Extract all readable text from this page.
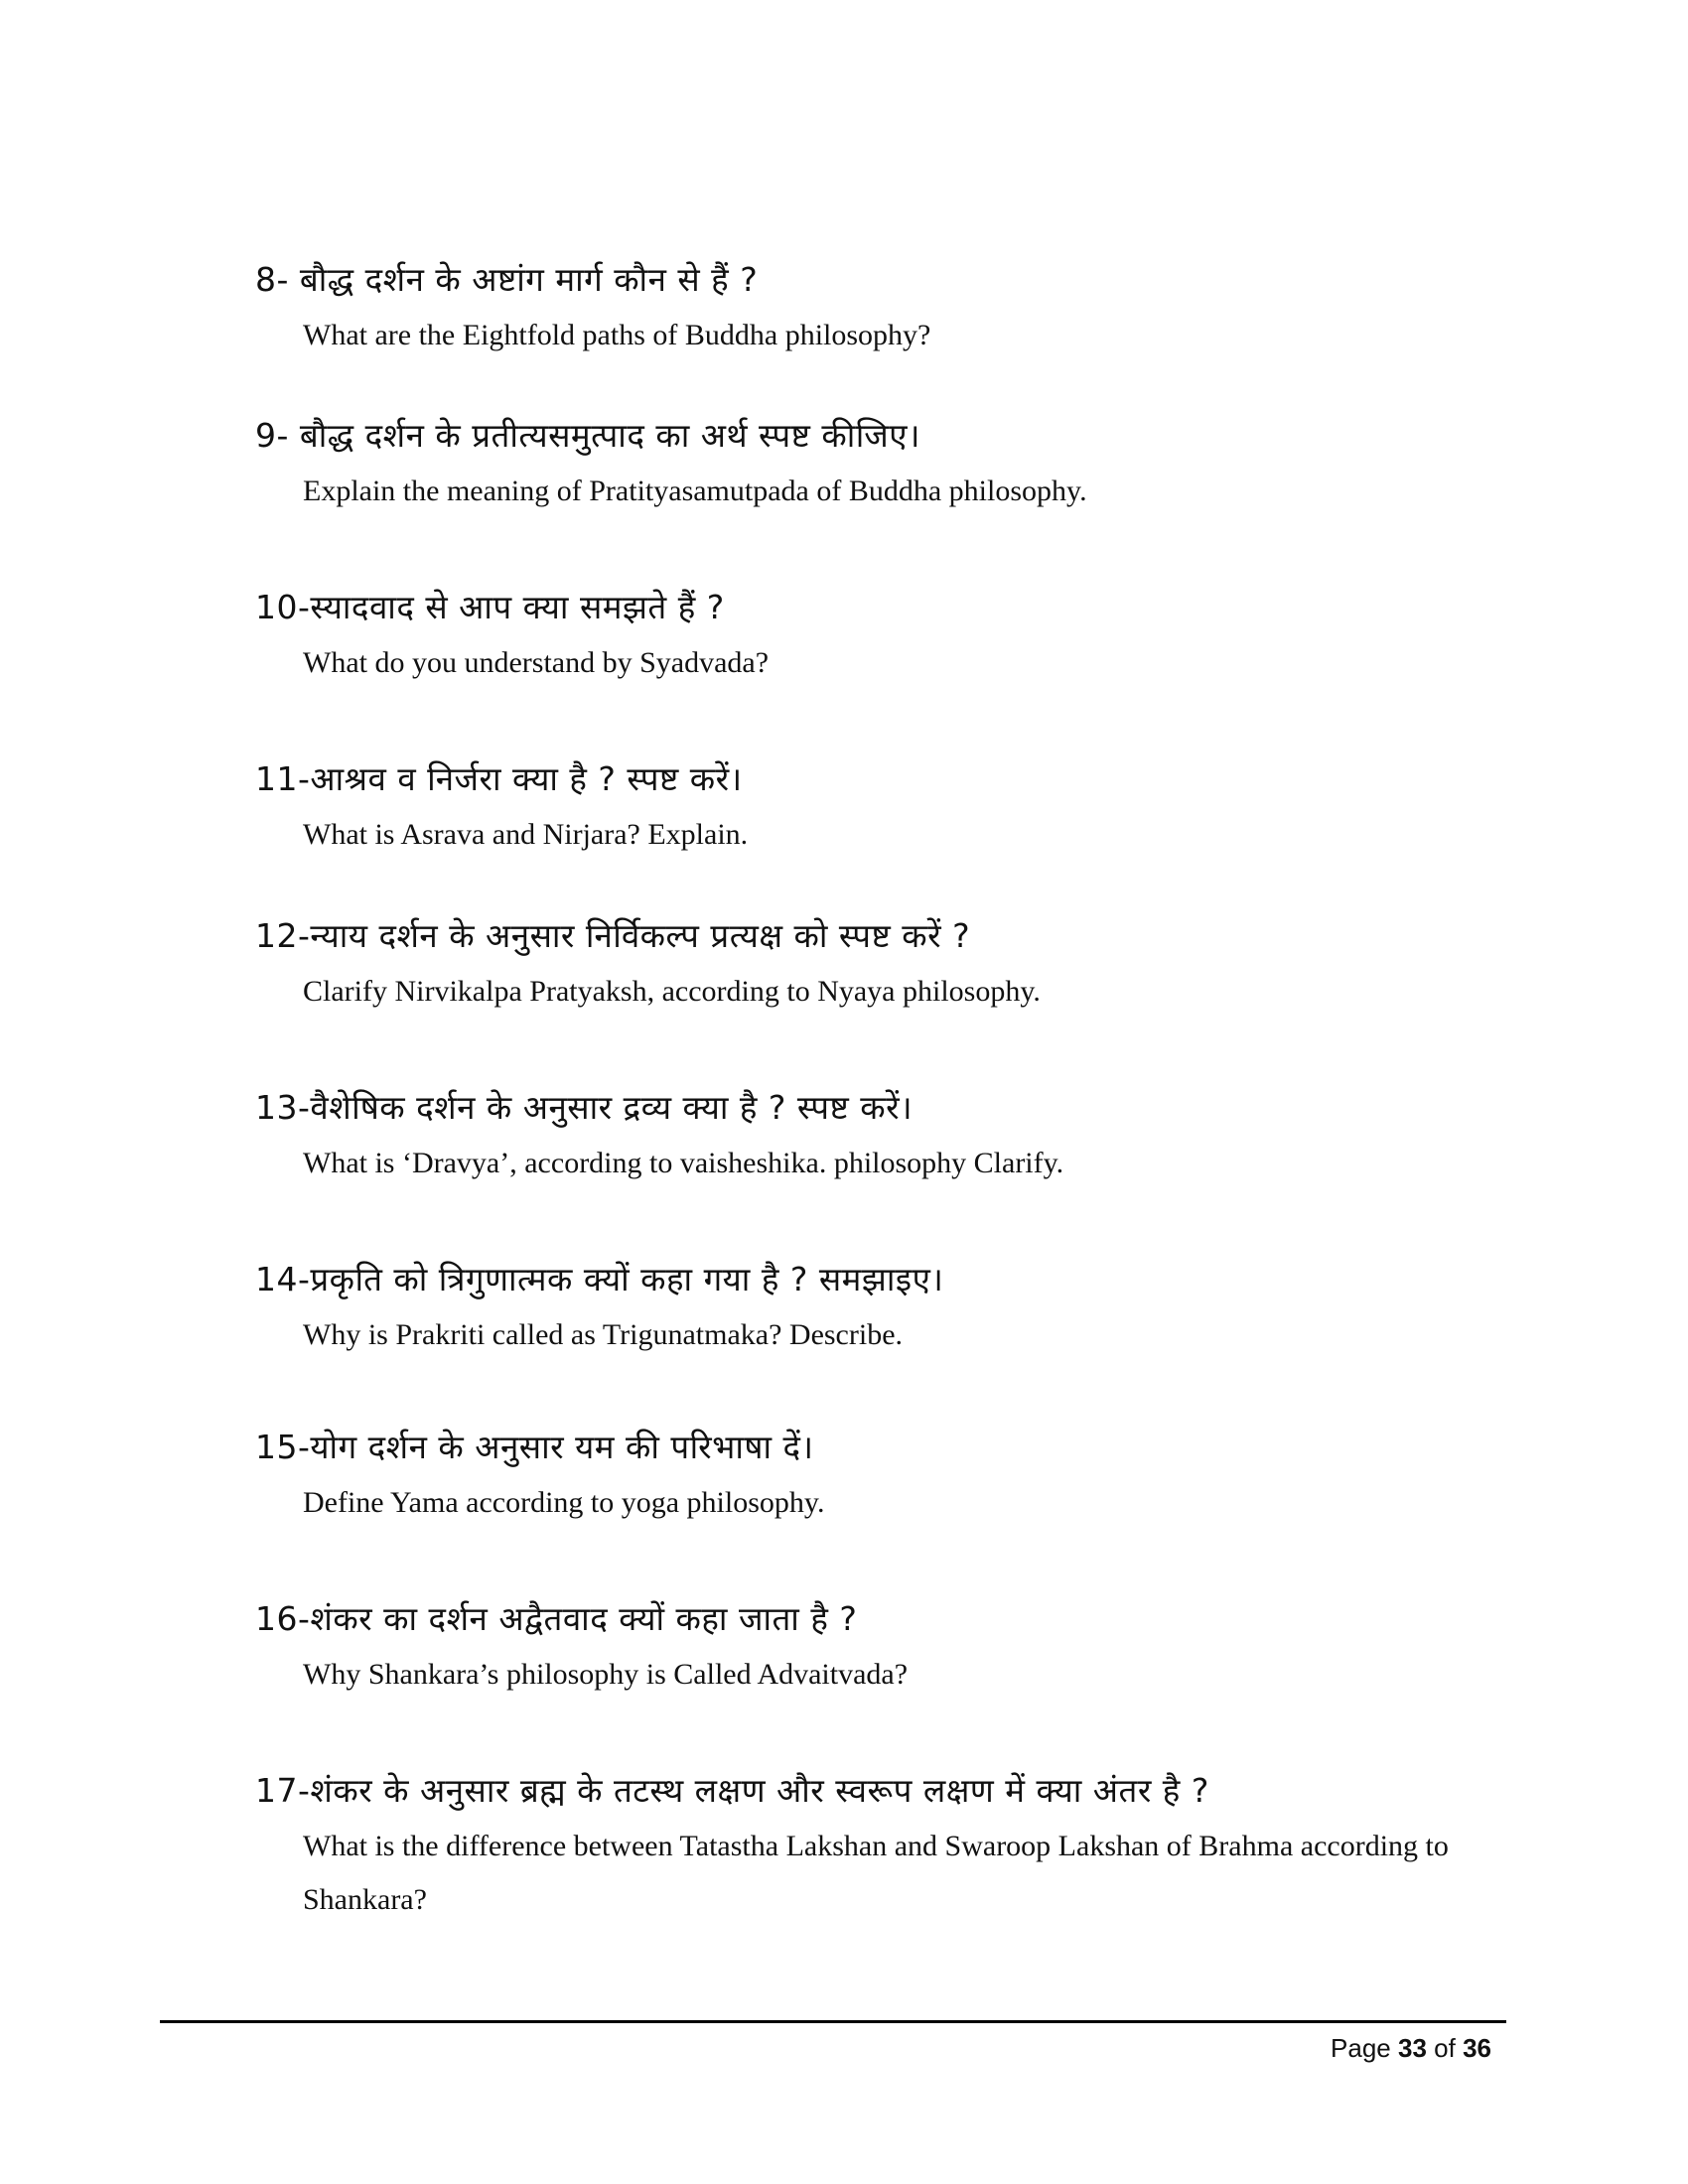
8- बौद्ध दर्शन के अष्टांग मार्ग कौन से हैं ?
What are the Eightfold paths of Buddha philosophy?
9- बौद्ध दर्शन के प्रतीत्यसमुत्पाद का अर्थ स्पष्ट कीजिए।
Explain the meaning of Pratityasamutpada of Buddha philosophy.
10-स्यादवाद से आप क्या समझते हैं ?
What do you understand by Syadvada?
11-आश्रव व निर्जरा क्या है ? स्पष्ट करें।
What is Asrava and Nirjara? Explain.
12-न्याय दर्शन के अनुसार निर्विकल्प प्रत्यक्ष को स्पष्ट करें ?
Clarify Nirvikalpa Pratyaksh, according to Nyaya philosophy.
13-वैशेषिक दर्शन के अनुसार द्रव्य क्या है ? स्पष्ट करें।
What is ‘Dravya’, according to vaisheshika. philosophy Clarify.
14-प्रकृति को त्रिगुणात्मक क्यों कहा गया है ? समझाइए।
Why is Prakriti called as Trigunatmaka? Describe.
15-योग दर्शन के अनुसार यम की परिभाषा दें।
Define Yama according to yoga philosophy.
16-शंकर का दर्शन अद्वैतवाद क्यों कहा जाता है ?
Why Shankara’s philosophy is Called Advaitvada?
17-शंकर के अनुसार ब्रह्म के तटस्थ लक्षण और स्वरूप लक्षण में क्या अंतर है ?
What is the difference between Tatastha Lakshan and Swaroop Lakshan of Brahma according to Shankara?
Page 33 of 36
